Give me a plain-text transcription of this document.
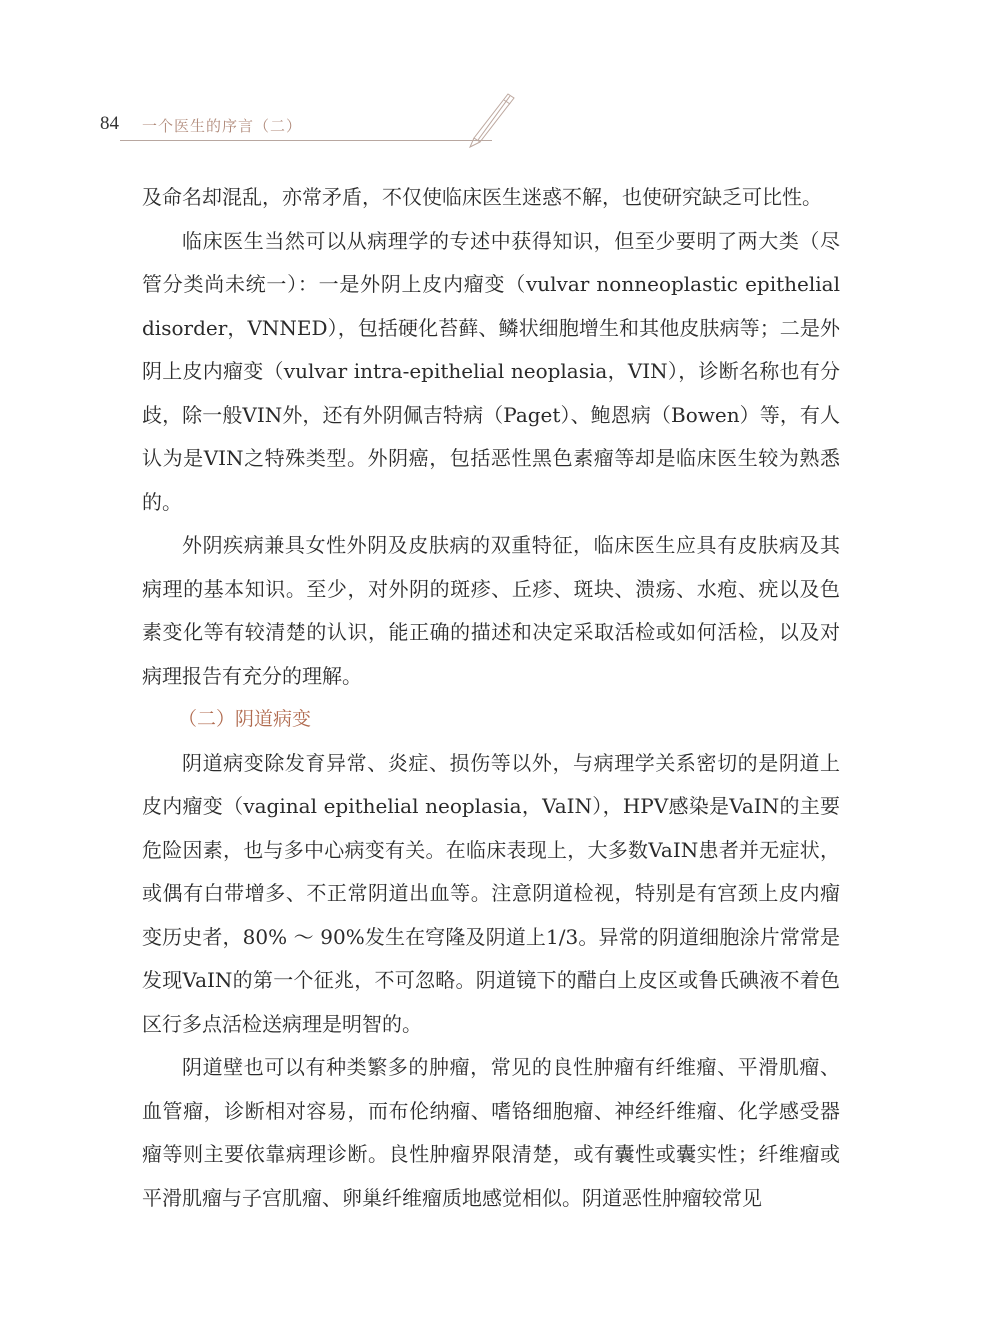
84 一个医生的序言（二）

及命名却混乱，亦常矛盾，不仅使临床医生迷惑不解，也使研究缺乏可比性。

临床医生当然可以从病理学的专述中获得知识，但至少要明了两大类（尽管分类尚未统一）：一是外阴上皮内瘤变（vulvar nonneoplastic epithelial disorder，VNNED），包括硬化苔藓、鳞状细胞增生和其他皮肤病等；二是外阴上皮内瘤变（vulvar intra-epithelial neoplasia，VIN），诊断名称也有分歧，除一般VIN外，还有外阴佩吉特病（Paget）、鲍恩病（Bowen）等，有人认为是VIN之特殊类型。外阴癌，包括恶性黑色素瘤等却是临床医生较为熟悉的。

外阴疾病兼具女性外阴及皮肤病的双重特征，临床医生应具有皮肤病及其病理的基本知识。至少，对外阴的斑疹、丘疹、斑块、溃疡、水疱、疣以及色素变化等有较清楚的认识，能正确的描述和决定采取活检或如何活检，以及对病理报告有充分的理解。

（二）阴道病变

阴道病变除发育异常、炎症、损伤等以外，与病理学关系密切的是阴道上皮内瘤变（vaginal epithelial neoplasia，VaIN），HPV感染是VaIN的主要危险因素，也与多中心病变有关。在临床表现上，大多数VaIN患者并无症状，或偶有白带增多、不正常阴道出血等。注意阴道检视，特别是有宫颈上皮内瘤变历史者，80% ～ 90%发生在穹隆及阴道上1/3。异常的阴道细胞涂片常常是发现VaIN的第一个征兆，不可忽略。阴道镜下的醋白上皮区或鲁氏碘液不着色区行多点活检送病理是明智的。

阴道壁也可以有种类繁多的肿瘤，常见的良性肿瘤有纤维瘤、平滑肌瘤、血管瘤，诊断相对容易，而布伦纳瘤、嗜铬细胞瘤、神经纤维瘤、化学感受器瘤等则主要依靠病理诊断。良性肿瘤界限清楚，或有囊性或囊实性；纤维瘤或平滑肌瘤与子宫肌瘤、卵巢纤维瘤质地感觉相似。阴道恶性肿瘤较常见
